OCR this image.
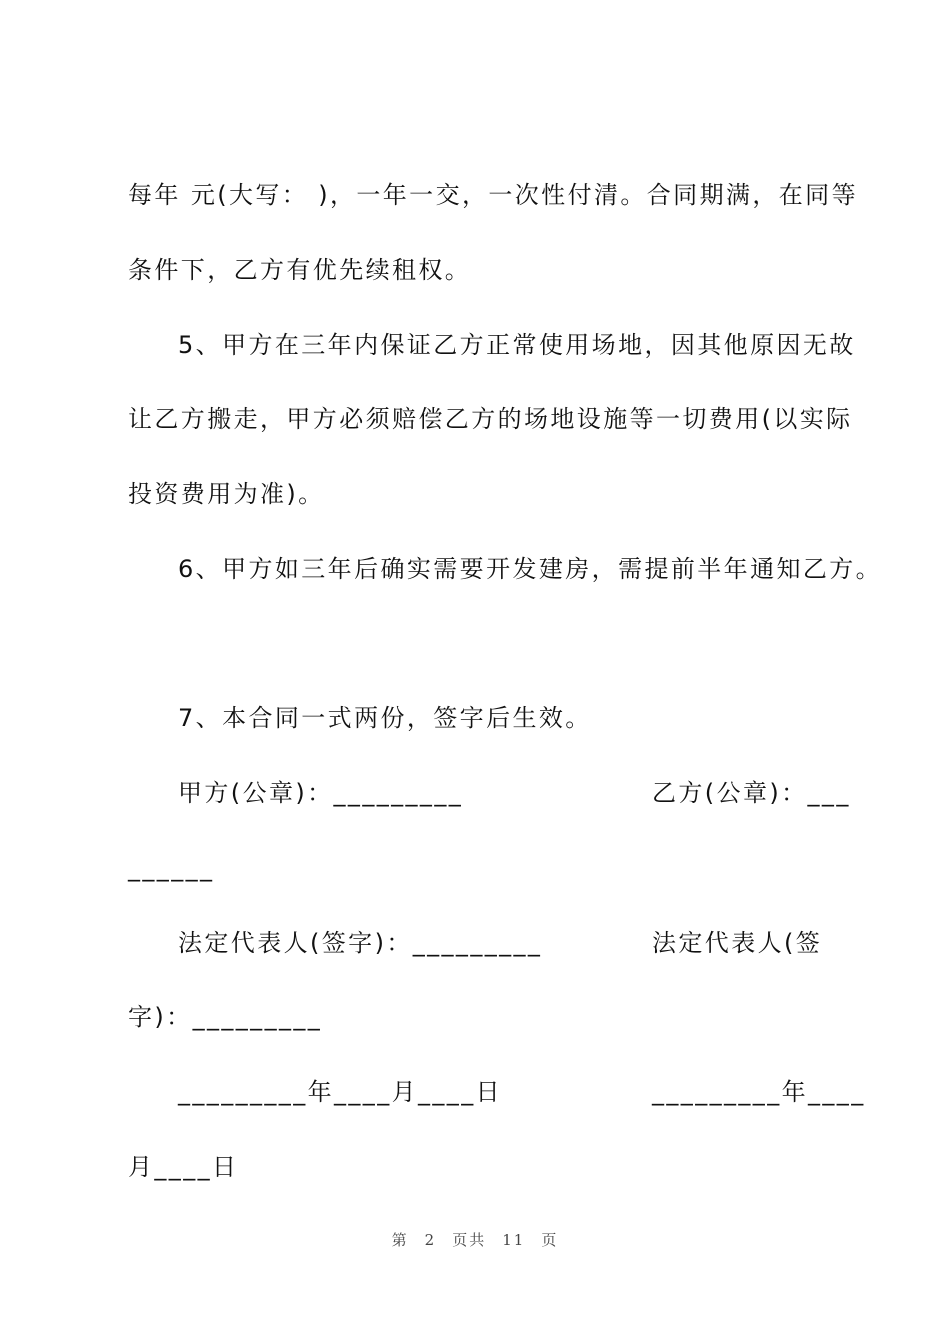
每年 元(大写： )，一年一交，一次性付清。合同期满，在同等
条件下，乙方有优先续租权。
5、甲方在三年内保证乙方正常使用场地，因其他原因无故
让乙方搬走，甲方必须赔偿乙方的场地设施等一切费用(以实际
投资费用为准)。
6、甲方如三年后确实需要开发建房，需提前半年通知乙方。
7、本合同一式两份，签字后生效。
甲方(公章)：_________	乙方(公章)：___
______
法定代表人(签字)：_________	法定代表人(签
字)：_________
_________年____月____日	_________年____
月____日
第 2 页共 11 页
